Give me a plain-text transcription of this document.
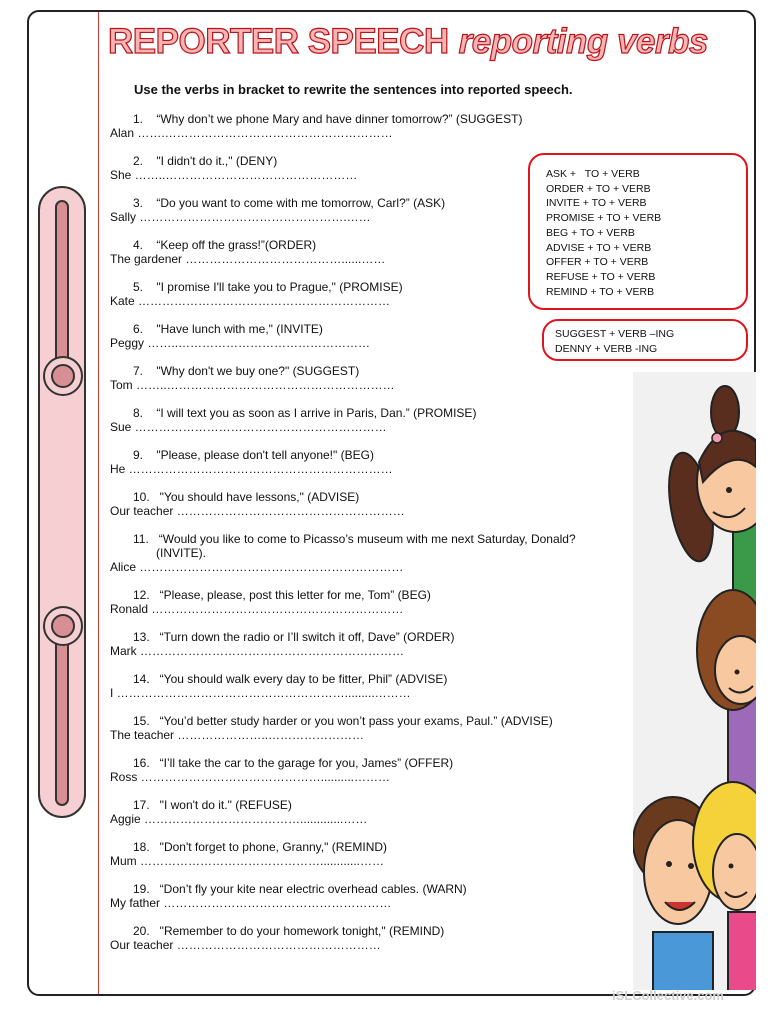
REPORTER SPEECH reporting verbs
Use the verbs in bracket to rewrite the sentences into reported speech.
1.    “Why don’t we phone Mary and have dinner tomorrow?” (SUGGEST)
Alan …….…………………………………………………
2.    "I didn't do it.," (DENY)
She ……..…………………………………………
3.    “Do you want to come with me tomorrow, Carl?” (ASK)
Sally …………………………………………….……
4.    “Keep off the grass!”(ORDER)
The gardener …………………………………......……
5.    "I promise I'll take you to Prague," (PROMISE)
Kate ………………………………………………………
6.    "Have lunch with me," (INVITE)
Peggy ……..…………………………………………
7.    "Why don't we buy one?" (SUGGEST)
Tom ……..…………………………………………………
8.    “I will text you as soon as I arrive in Paris, Dan.” (PROMISE)
Sue ………………………………………………………
9.    "Please, please don't tell anyone!" (BEG)
He …………………………………………………………
10.   "You should have lessons," (ADVISE)
Our teacher …………………………………………………
11.   “Would you like to come to Picasso’s museum with me next Saturday, Donald?
(INVITE).
Alice …………………………………………………………
12.   “Please, please, post this letter for me, Tom” (BEG)
Ronald ………………………………………………………
13.   “Turn down the radio or I’ll switch it off, Dave” (ORDER)
Mark …………………………………………………………
14.   “You should walk every day to be fitter, Phil” (ADVISE)
I ………………………………………………….........………
15.   “You’d better study harder or you won’t pass your exams, Paul.” (ADVISE)
The teacher …………………..……………………
16.   “I’ll take the car to the garage for you, James” (OFFER)
Ross ………………………………………..........………
17.   "I won't do it." (REFUSE)
Aggie ………………………………….............……
18.   "Don't forget to phone, Granny," (REMIND)
Mum ………………………………………............……
19.   “Don’t fly your kite near electric overhead cables. (WARN)
My father …………………………………………………
20.   "Remember to do your homework tonight," (REMIND)
Our teacher ……………………………………………
ASK +   TO + VERB
ORDER + TO + VERB
INVITE + TO + VERB
PROMISE + TO + VERB
BEG + TO + VERB
ADVISE + TO + VERB
OFFER + TO + VERB
REFUSE + TO + VERB
REMIND + TO + VERB
SUGGEST + VERB –ING
DENNY + VERB -ING
iSLCollective.com
